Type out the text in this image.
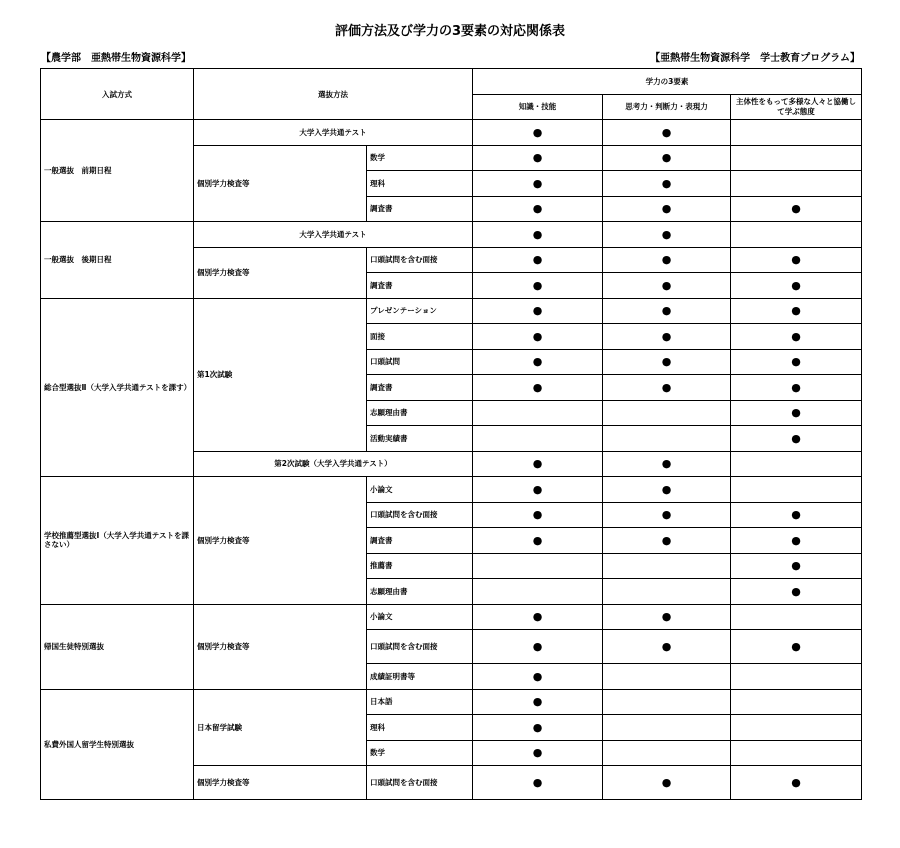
評価方法及び学力の3要素の対応関係表
【農学部　亜熱帯生物資源科学】	【亜熱帯生物資源科学　学士教育プログラム】
入試方式	選抜方法		学力の3要素		
			知識・技能	思考力・判断力・表現力	主体性をもって多様な人々と協働して学ぶ態度
一般選抜　前期日程	大学入学共通テスト		●	●	
	個別学力検査等	数学	●	●	
		理科	●	●	
		調査書	●	●	●
一般選抜　後期日程	大学入学共通テスト		●	●	
	個別学力検査等	口頭試問を含む面接	●	●	●
		調査書	●	●	●
総合型選抜Ⅱ（大学入学共通テストを課す）	第1次試験	プレゼンテーション	●	●	●
		面接	●	●	●
		口頭試問	●	●	●
		調査書	●	●	●
		志願理由書			●
		活動実績書			●
	第2次試験（大学入学共通テスト）		●	●	
学校推薦型選抜Ⅰ（大学入学共通テストを課さない）	個別学力検査等	小論文	●	●	
		口頭試問を含む面接	●	●	●
		調査書	●	●	●
		推薦書			●
		志願理由書			●
帰国生徒特別選抜	個別学力検査等	小論文	●	●	
		口頭試問を含む面接	●	●	●
		成績証明書等	●		
私費外国人留学生特別選抜	日本留学試験	日本語	●		
		理科	●		
		数学	●		
	個別学力検査等	口頭試問を含む面接	●	●	●
